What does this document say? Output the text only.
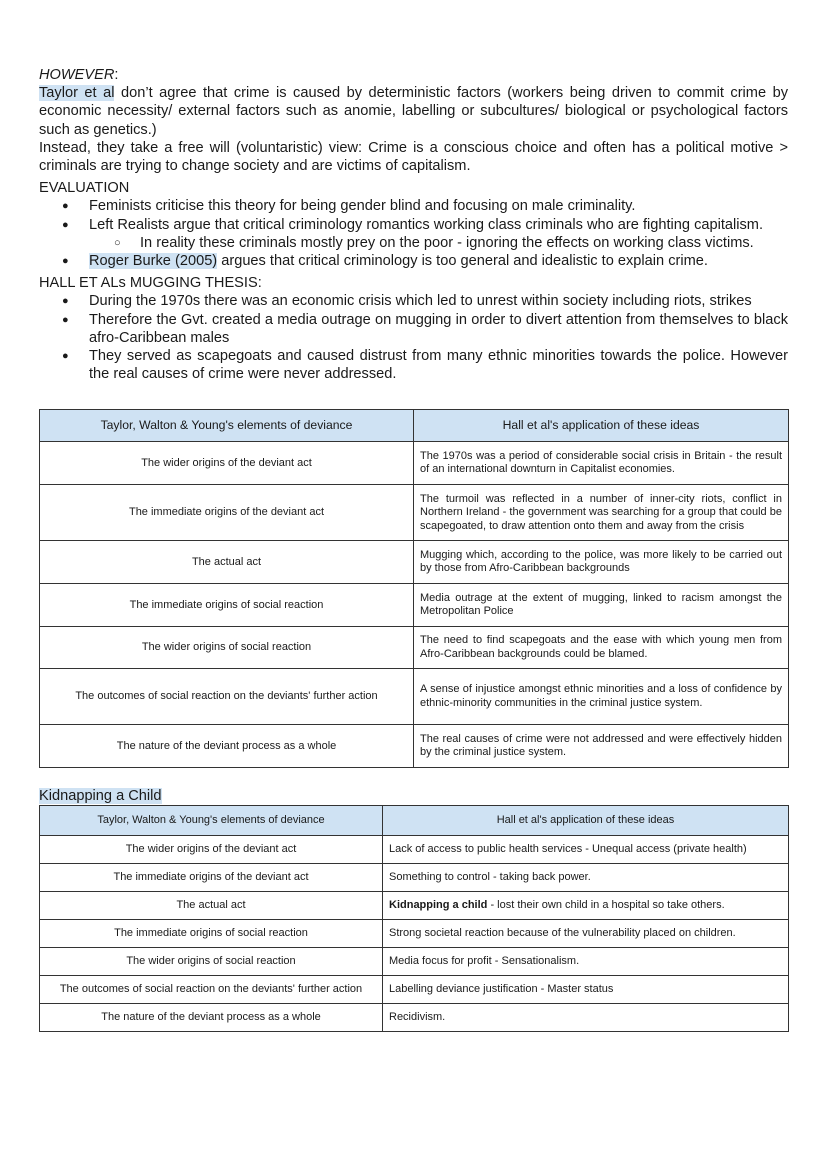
HOWEVER:

Taylor et al don’t agree that crime is caused by deterministic factors (workers being driven to commit crime by economic necessity/ external factors such as anomie, labelling or subcultures/ biological or psychological factors such as genetics.)

Instead, they take a free will (voluntaristic) view: Crime is a conscious choice and often has a political motive > criminals are trying to change society and are victims of capitalism.

EVALUATION

● Feminists criticise this theory for being gender blind and focusing on male criminality.
● Left Realists argue that critical criminology romantics working class criminals who are fighting capitalism.
○ In reality these criminals mostly prey on the poor - ignoring the effects on working class victims.
● Roger Burke (2005) argues that critical criminology is too general and idealistic to explain crime.

HALL ET ALs MUGGING THESIS:

● During the 1970s there was an economic crisis which led to unrest within society including riots, strikes
● Therefore the Gvt. created a media outrage on mugging in order to divert attention from themselves to black afro-Caribbean males
● They served as scapegoats and caused distrust from many ethnic minorities towards the police. However the real causes of crime were never addressed.
Taylor, Walton & Young's elements of deviance	Hall et al's application of these ideas
The wider origins of the deviant act	The 1970s was a period of considerable social crisis in Britain - the result of an international downturn in Capitalist economies.
The immediate origins of the deviant act	The turmoil was reflected in a number of inner-city riots, conflict in Northern Ireland - the government was searching for a group that could be scapegoated, to draw attention onto them and away from the crisis
The actual act	Mugging which, according to the police, was more likely to be carried out by those from Afro-Caribbean backgrounds
The immediate origins of social reaction	Media outrage at the extent of mugging, linked to racism amongst the Metropolitan Police
The wider origins of social reaction	The need to find scapegoats and the ease with which young men from Afro-Caribbean backgrounds could be blamed.
The outcomes of social reaction on the deviants' further action	A sense of injustice amongst ethnic minorities and a loss of confidence by ethnic-minority communities in the criminal justice system.
The nature of the deviant process as a whole	The real causes of crime were not addressed and were effectively hidden by the criminal justice system.
Kidnapping a Child
Taylor, Walton & Young's elements of deviance	Hall et al's application of these ideas
The wider origins of the deviant act	Lack of access to public health services - Unequal access (private health)
The immediate origins of the deviant act	Something to control - taking back power.
The actual act	Kidnapping a child - lost their own child in a hospital so take others.
The immediate origins of social reaction	Strong societal reaction because of the vulnerability placed on children.
The wider origins of social reaction	Media focus for profit - Sensationalism.
The outcomes of social reaction on the deviants' further action	Labelling deviance justification - Master status
The nature of the deviant process as a whole	Recidivism.
